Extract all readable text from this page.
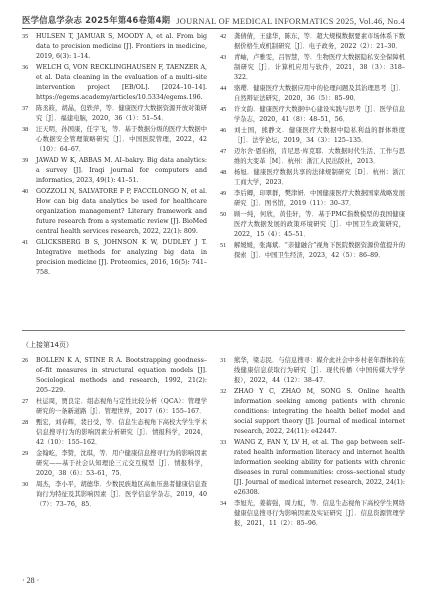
医学信息学杂志 2025年第46卷第4期 JOURNAL OF MEDICAL INFORMATICS 2025, Vol.46, No.4
35	HULSEN T, JAMUAR S, MOODY A, et al. From big data to precision medicine [J]. Frontiers in medicine, 2019, 6(3): 1–14.
36	WELCH G, VON RECKLINGHAUSEN F, TAENZER A, et al. Data cleaning in the evaluation of a multi–site intervention project [EB/OL]. [2024–10–14]. https://egems.academy/articles/10.5334/egems.196.
37	陈丞筱，胡晶，包轶萍，等．健康医疗大数据资源开放对策研究［J］．福建电脑，2020，36（1）：51–54．
38	汪天明，孙国康，任宇飞，等．基于数据分级的医疗大数据中心数据安全管理策略研究［J］．中国医院管理，2022，42（10）：64–67．
39	JAWAD W K, ABBAS M. AI–bakry. Big data analytics: a survey [J]. Iraqi journal for computers and informatics, 2023, 49(1): 41–51.
40	GOZZOLI N, SALVATORE F P, FACCILONGO N, et al. How can big data analytics be used for healthcare organization management? Literary framework and future research from a systematic review [J]. BioMed central health services research, 2022, 22(1): 809.
41	GLICKSBERG B S, JOHNSON K W, DUDLEY J T. Integrative methods for analyzing big data in precision medicine [J]. Proteomics, 2016, 16(5): 741–758.
42	龚倩倩，王建华，陈东，等．超大规模数据要素市场体系下数据价格生成机制研究［J］．电子政务，2022（2）：21–30．
43	青岫，卢雅雯，吕智慧，等．生物医疗大数据隐私安全保障机制研究［J］．计算机应用与软件，2021，38（3）：318–322．
44	骆璎．健康医疗大数据应用中的伦理问题及其治理思考［J］．自然辩证法研究，2020，36（5）：85–90．
45	许文韵．健康医疗大数据中心建设实践与思考［J］．医学信息学杂志，2020，41（8）：48–51，56．
46	刘士国，熊静文．健康医疗大数据中隐私利益的群体维度［J］．法学论坛，2019，34（3）：125–135．
47	迈尔舍·恩伯格，肯尼思·库克耶．大数据时代生活、工作与思维的大变革［M］．杭州：浙江人民出版社，2013．
48	杨旭．健康医疗数据共享的法律规制研究［D］．杭州：浙江工商大学，2023．
49	李后卿，印翠群，樊津妍．中国健康医疗大数据国家战略发展研究［J］．图书馆，2019（11）：30–37．
50	顾一纯，何欣，黄佳轩，等．基于PMC指数模型的我国健康医疗大数据发展的政策环境研究［J］．中国卫生政策研究，2022，15（4）：45–51．
51	解媛媛，张海斌．“亲健融合”视角下医院数据资源价值提升的探索［J］．中国卫生经济，2023，42（5）：86–89．
（上接第14页）
26	BOLLEN K A, STINE R A. Bootstrapping goodness–of–fit measures in structural equation models [J]. Sociological methods and research, 1992, 21(2): 205–229.
27	杜运周，贾良定．组态视角与定性比较分析（QCA）：管理学研究的一条新道路［J］．管理世界，2017（6）：155–167．
28	甄宏，刘春辉，裴日受，等．信息生态视角下高校大学生学术信息搜寻行为的影响因素分析研究［J］．情报科学，2024，42（10）：155–162．
29	金翰屹，李赞，沈琪，等．用户健康信息搜寻行为的影响因素研究——基于社会认知理论三元交互模型［J］．情报科学，2020，38（6）：53–61，75．
30	周杰，李小平，胡德华．少数民族地区高血压患者健康信息查询行为特征及其影响因素［J］．医学信息学杂志，2019，40（7）：73–76，85．
31	熊华，梁志民．与信息搜寻：媒介此社会中乡村老年群体的在线健康信息获取行为研究［J］．现代传播（中国传媒大学学报），2022，44（12）：38–47．
32	ZHAO Y C, ZHAO M, SONG S. Online health information seeking among patients with chronic conditions: integrating the health belief model and social support theory [J]. Journal of medical internet research, 2022, 24(11): e42447.
33	WANG Z, FAN Y, LV H, et al. The gap between self–rated health information literacy and internet health information seeking ability for patients with chronic diseases in rural communities: cross–sectional study [J]. Journal of medical internet research, 2022, 24(1): e26308.
34	李旭光，姜蓄强，周力虹，等．信息生态视角下高校学生网络健康信息搜寻行为影响因素及实证研究［J］．信息资源管理学报，2021，11（2）：85–96．
· 28 ·
